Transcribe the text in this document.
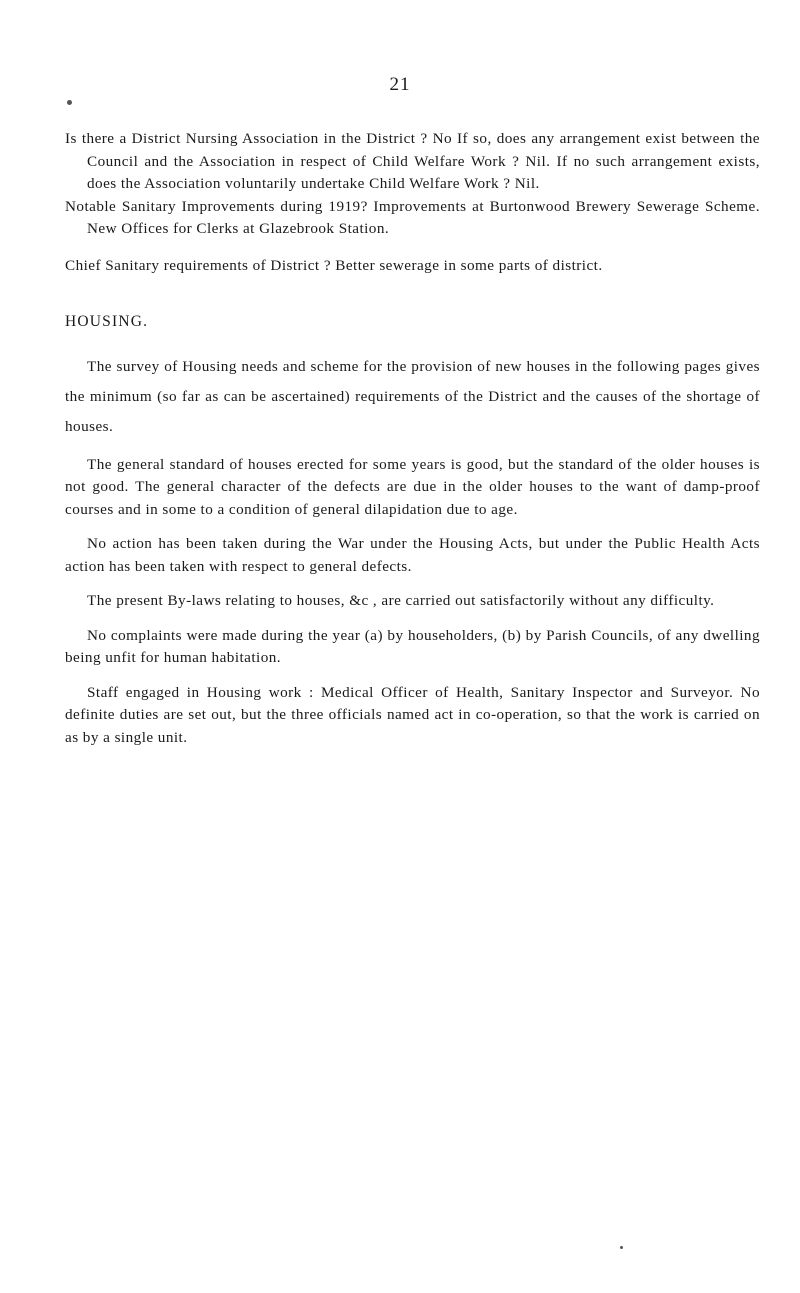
21

Is there a District Nursing Association in the District ? No If so, does any arrangement exist between the Council and the Association in respect of Child Welfare Work ? Nil. If no such arrangement exists, does the Association voluntarily undertake Child Welfare Work ? Nil.

Notable Sanitary Improvements during 1919? Improvements at Burtonwood Brewery Sewerage Scheme. New Offices for Clerks at Glazebrook Station.

Chief Sanitary requirements of District ? Better sewerage in some parts of district.

HOUSING.

The survey of Housing needs and scheme for the provision of new houses in the following pages gives the minimum (so far as can be ascertained) requirements of the District and the causes of the shortage of houses.

The general standard of houses erected for some years is good, but the standard of the older houses is not good. The general character of the defects are due in the older houses to the want of damp-proof courses and in some to a condition of general dilapidation due to age.

No action has been taken during the War under the Housing Acts, but under the Public Health Acts action has been taken with respect to general defects.

The present By-laws relating to houses, &c , are carried out satisfactorily without any difficulty.

No complaints were made during the year (a) by householders, (b) by Parish Councils, of any dwelling being unfit for human habitation.

Staff engaged in Housing work : Medical Officer of Health, Sanitary Inspector and Surveyor. No definite duties are set out, but the three officials named act in co-operation, so that the work is carried on as by a single unit.
